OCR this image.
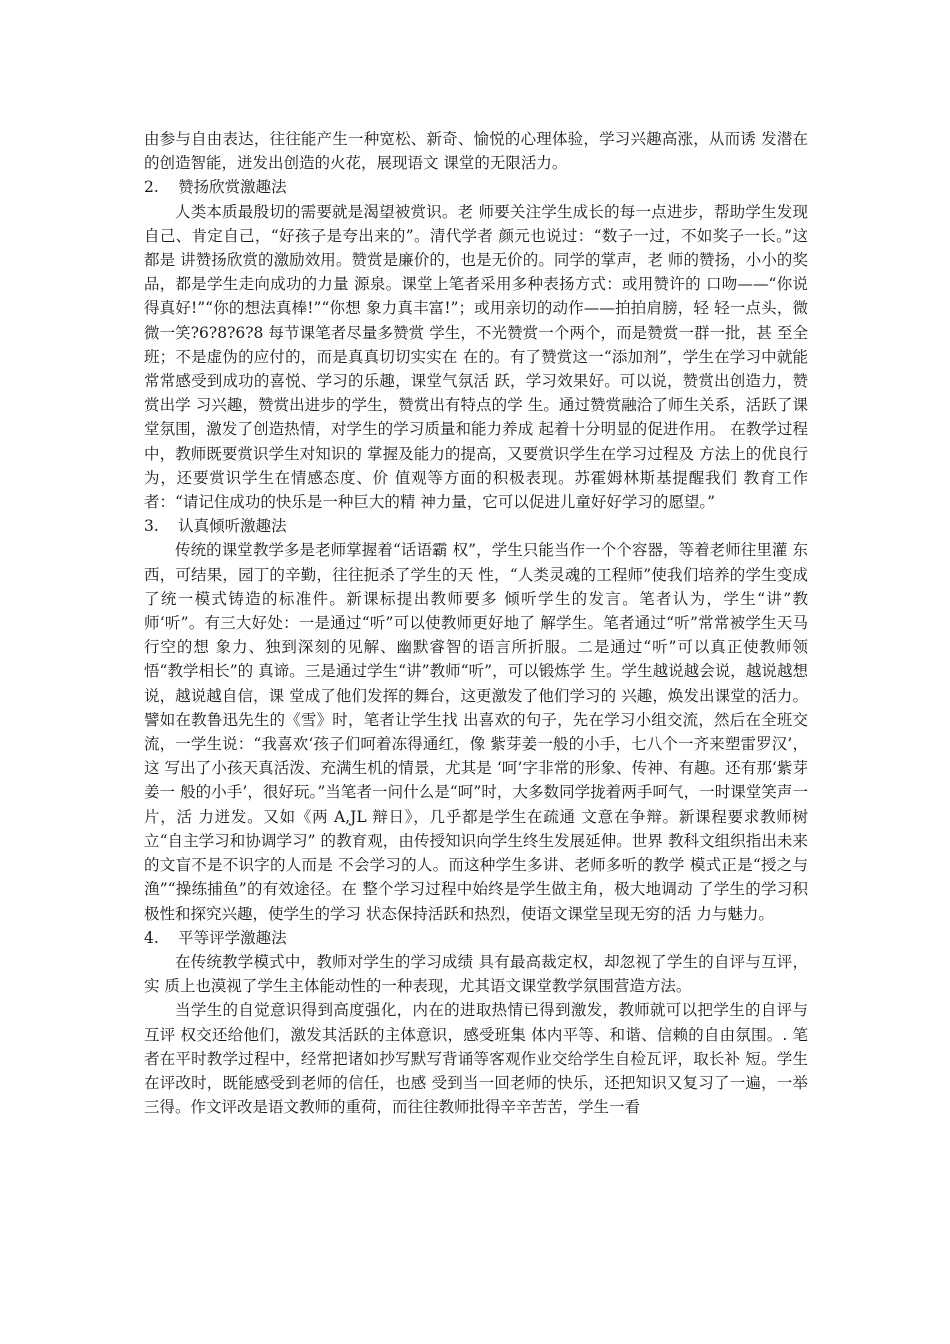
由参与自由表达，往往能产生一种宽松、新奇、愉悦的心理体验，学习兴趣高涨，从而诱 发潜在的创造智能，迸发出创造的火花，展现语文 课堂的无限活力。

2. 赞扬欣赏激趣法

人类本质最殷切的需要就是渴望被赏识。老 师要关注学生成长的每一点进步，帮助学生发现 自己、肯定自己，“好孩子是夸出来的”。清代学者 颜元也说过：“数子一过，不如奖子一长。”这都是 讲赞扬欣赏的激励效用。赞赏是廉价的，也是无价的。同学的掌声，老 师的赞扬，小小的奖品，都是学生走向成功的力量 源泉。课堂上笔者采用多种表扬方式：或用赞许的 口吻——“你说得真好!”“你的想法真棒!”“你想 象力真丰富!”；或用亲切的动作——拍拍肩膀，轻 轻一点头，微微一笑?6?8?6?8 每节课笔者尽量多赞赏 学生，不光赞赏一个两个，而是赞赏一群一批，甚 至全班；不是虚伪的应付的，而是真真切切实实在 在的。有了赞赏这一“添加剂”，学生在学习中就能 常常感受到成功的喜悦、学习的乐趣，课堂气氛活 跃，学习效果好。可以说，赞赏出创造力，赞赏出学 习兴趣，赞赏出进步的学生，赞赏出有特点的学 生。通过赞赏融洽了师生关系，活跃了课堂氛围，激发了创造热情，对学生的学习质量和能力养成 起着十分明显的促进作用。 在教学过程中，教师既要赏识学生对知识的 掌握及能力的提高，又要赏识学生在学习过程及 方法上的优良行为，还要赏识学生在情感态度、价 值观等方面的积极表现。苏霍姆林斯基提醒我们 教育工作者：“请记住成功的快乐是一种巨大的精 神力量，它可以促进儿童好好学习的愿望。”

3. 认真倾听激趣法

传统的课堂教学多是老师掌握着“话语霸 权”，学生只能当作一个个容器，等着老师往里灌 东西，可结果，园丁的辛勤，往往扼杀了学生的天 性，“人类灵魂的工程师”使我们培养的学生变成 了统一模式铸造的标准件。新课标提出教师要多 倾听学生的发言。笔者认为，学生“讲”教师‘听”。有三大好处：一是通过“听”可以使教师更好地了 解学生。笔者通过“听”常常被学生天马行空的想 象力、独到深刻的见解、幽默睿智的语言所折服。二是通过“听”可以真正使教师领悟“教学相长”的 真谛。三是通过学生“讲”教师“听”，可以锻炼学 生。学生越说越会说，越说越想说，越说越自信，课 堂成了他们发挥的舞台，这更激发了他们学习的 兴趣，焕发出课堂的活力。譬如在教鲁迅先生的《雪》时，笔者让学生找 出喜欢的句子，先在学习小组交流，然后在全班交 流，一学生说：“我喜欢‘孩子们呵着冻得通红，像 紫芽姜一般的小手，七八个一齐来塑雷罗汉’，这 写出了小孩天真活泼、充满生机的情景，尤其是 ‘呵’字非常的形象、传神、有趣。还有那‘紫芽姜一 般的小手’，很好玩。”当笔者一问什么是“呵”时，大多数同学拢着两手呵气，一时课堂笑声一片，活 力迸发。又如《两 A,JL 辩日》，几乎都是学生在疏通 文意在争辩。新课程要求教师树立“自主学习和协调学习” 的教育观，由传授知识向学生终生发展延伸。世界 教科文组织指出未来的文盲不是不识字的人而是 不会学习的人。而这种学生多讲、老师多听的教学 模式正是“授之与渔”“操练捕鱼”的有效途径。在 整个学习过程中始终是学生做主角，极大地调动 了学生的学习积极性和探究兴趣，使学生的学习 状态保持活跃和热烈，使语文课堂呈现无穷的活 力与魅力。

4. 平等评学激趣法

在传统教学模式中，教师对学生的学习成绩 具有最高裁定权，却忽视了学生的自评与互评，实 质上也漠视了学生主体能动性的一种表现，尤其语文课堂教学氛围营造方法。

当学生的自觉意识得到高度强化，内在的进取热情已得到激发，教师就可以把学生的自评与互评 权交还给他们，激发其活跃的主体意识，感受班集 体内平等、和谐、信赖的自由氛围。. 笔者在平时教学过程中，经常把诸如抄写默写背诵等客观作业交给学生自检瓦评，取长补 短。学生在评改时，既能感受到老师的信任，也感 受到当一回老师的快乐，还把知识又复习了一遍，一举三得。作文评改是语文教师的重荷，而往往教师批得辛辛苦苦，学生一看
